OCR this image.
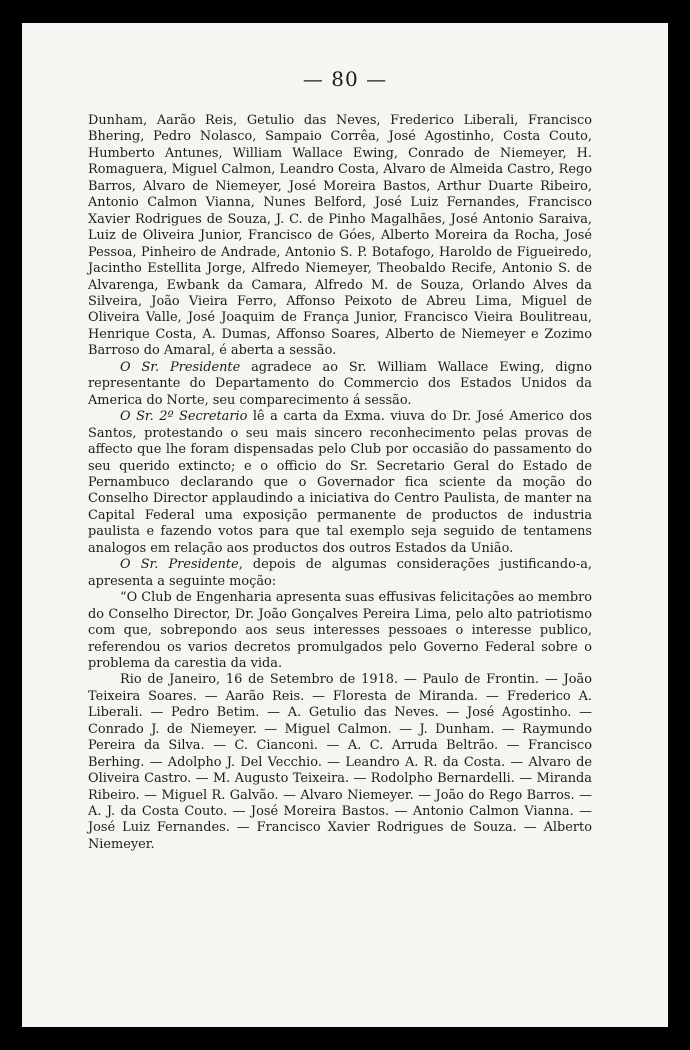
— 80 —

Dunham, Aarão Reis, Getulio das Neves, Frederico Liberali, Francisco Bhering, Pedro Nolasco, Sampaio Corrêa, José Agostinho, Costa Couto, Humberto Antunes, William Wallace Ewing, Conrado de Niemeyer, H. Romaguera, Miguel Calmon, Leandro Costa, Alvaro de Almeida Castro, Rego Barros, Alvaro de Niemeyer, José Moreira Bastos, Arthur Duarte Ribeiro, Antonio Calmon Vianna, Nunes Belford, José Luiz Fernandes, Francisco Xavier Rodrigues de Souza, J. C. de Pinho Magalhães, José Antonio Saraiva, Luiz de Oliveira Junior, Francisco de Góes, Alberto Moreira da Rocha, José Pessoa, Pinheiro de Andrade, Antonio S. P. Botafogo, Haroldo de Figueiredo, Jacintho Estellita Jorge, Alfredo Niemeyer, Theobaldo Recife, Antonio S. de Alvarenga, Ewbank da Camara, Alfredo M. de Souza, Orlando Alves da Silveira, João Vieira Ferro, Affonso Peixoto de Abreu Lima, Miguel de Oliveira Valle, José Joaquim de França Junior, Francisco Vieira Boulitreau, Henrique Costa, A. Dumas, Affonso Soares, Alberto de Niemeyer e Zozimo Barroso do Amaral, é aberta a sessão.

O Sr. Presidente agradece ao Sr. William Wallace Ewing, digno representante do Departamento do Commercio dos Estados Unidos da America do Norte, seu comparecimento á sessão.

O Sr. 2º Secretario lê a carta da Exma. viuva do Dr. José Americo dos Santos, protestando o seu mais sincero reconhecimento pelas provas de affecto que lhe foram dispensadas pelo Club por occasião do passamento do seu querido extincto; e o officio do Sr. Secretario Geral do Estado de Pernambuco declarando que o Governador fica sciente da moção do Conselho Director applaudindo a iniciativa do Centro Paulista, de manter na Capital Federal uma exposição permanente de productos de industria paulista e fazendo votos para que tal exemplo seja seguido de tentamens analogos em relação aos productos dos outros Estados da União.

O Sr. Presidente, depois de algumas considerações justificando-a, apresenta a seguinte moção:

“O Club de Engenharia apresenta suas effusivas felicitações ao membro do Conselho Director, Dr. João Gonçalves Pereira Lima, pelo alto patriotismo com que, sobrepondo aos seus interesses pessoaes o interesse publico, referendou os varios decretos promulgados pelo Governo Federal sobre o problema da carestia da vida.

Rio de Janeiro, 16 de Setembro de 1918. — Paulo de Frontin. — João Teixeira Soares. — Aarão Reis. — Floresta de Miranda. — Frederico A. Liberali. — Pedro Betim. — A. Getulio das Neves. — José Agostinho. — Conrado J. de Niemeyer. — Miguel Calmon. — J. Dunham. — Raymundo Pereira da Silva. — C. Cianconi. — A. C. Arruda Beltrão. — Francisco Berhing. — Adolpho J. Del Vecchio. — Leandro A. R. da Costa. — Alvaro de Oliveira Castro. — M. Augusto Teixeira. — Rodolpho Bernardelli. — Miranda Ribeiro. — Miguel R. Galvão. — Alvaro Niemeyer. — João do Rego Barros. — A. J. da Costa Couto. — José Moreira Bastos. — Antonio Calmon Vianna. — José Luiz Fernandes. — Francisco Xavier Rodrigues de Souza. — Alberto Niemeyer.
